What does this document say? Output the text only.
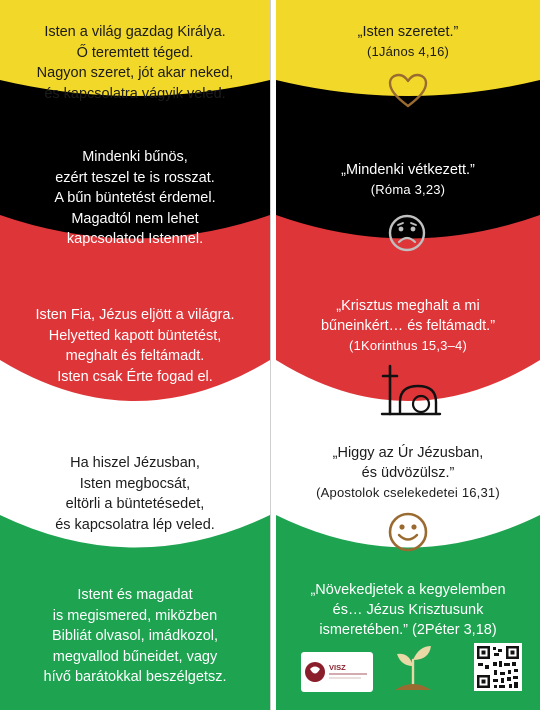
Isten a világ gazdag Királya.
Ő teremtett téged.
Nagyon szeret, jót akar neked,
és kapcsolatra vágyik veled.
Mindenki bűnös,
ezért teszel te is rosszat.
A bűn büntetést érdemel.
Magadtól nem lehet
kapcsolatod Istennel.
Isten Fia, Jézus eljött a világra.
Helyetted kapott büntetést,
meghalt és feltámadt.
Isten csak Érte fogad el.
Ha hiszel Jézusban,
Isten megbocsát,
eltörli a büntetésedet,
és kapcsolatra lép veled.
Istent és magadat
is megismered, miközben
Bibliát olvasol, imádkozol,
megvallod bűneidet, vagy
hívő barátokkal beszélgetsz.
„Isten szeretet.”
(1János 4,16)
„Mindenki vétkezett.”
(Róma 3,23)
„Krisztus meghalt a mi
bűneinkért… és feltámadt.”
(1Korinthus 15,3–4)
„Higgy az Úr Jézusban,
és üdvözülsz.”
(Apostolok cselekedetei 16,31)
„Növekedjetek a kegyelemben
és… Jézus Krisztusunk
ismeretében.” (2Péter 3,18)
VISZ
